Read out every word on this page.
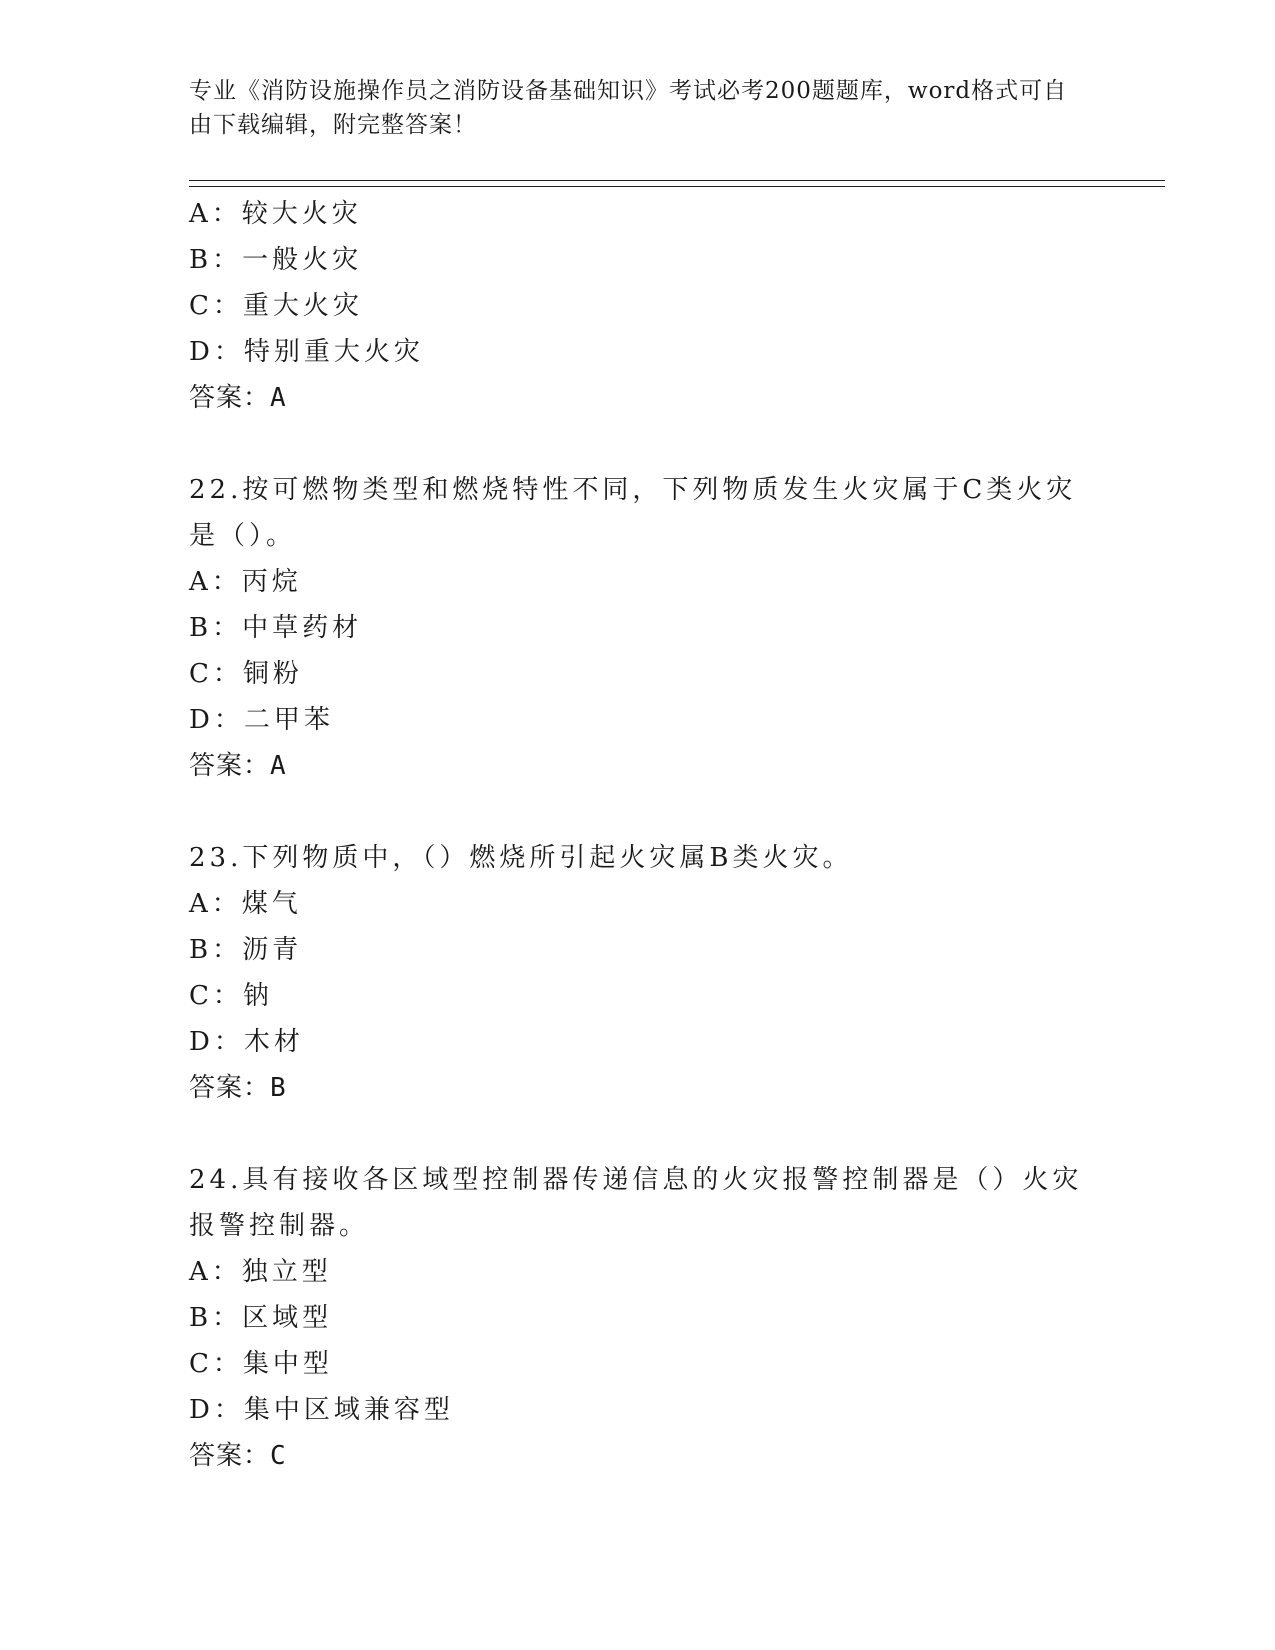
专业《消防设施操作员之消防设备基础知识》考试必考200题题库，word格式可自由下载编辑，附完整答案！
A：较大火灾
B：一般火灾
C：重大火灾
D：特别重大火灾
答案：A
22.按可燃物类型和燃烧特性不同，下列物质发生火灾属于C类火灾是（）。
A：丙烷
B：中草药材
C：铜粉
D：二甲苯
答案：A
23.下列物质中，（）燃烧所引起火灾属B类火灾。
A：煤气
B：沥青
C：钠
D：木材
答案：B
24.具有接收各区域型控制器传递信息的火灾报警控制器是（）火灾报警控制器。
A：独立型
B：区域型
C：集中型
D：集中区域兼容型
答案：C
